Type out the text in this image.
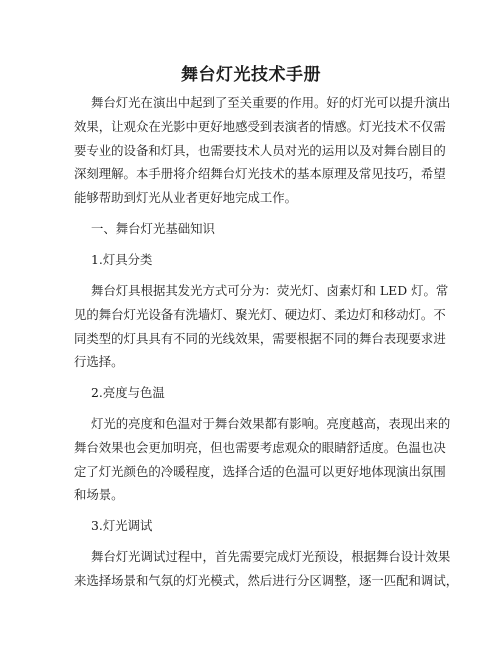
舞台灯光技术手册
舞台灯光在演出中起到了至关重要的作用。好的灯光可以提升演出
效果，让观众在光影中更好地感受到表演者的情感。灯光技术不仅需
要专业的设备和灯具，也需要技术人员对光的运用以及对舞台剧目的
深刻理解。本手册将介绍舞台灯光技术的基本原理及常见技巧，希望
能够帮助到灯光从业者更好地完成工作。
一、舞台灯光基础知识
1.灯具分类
舞台灯具根据其发光方式可分为：荧光灯、卤素灯和 LED 灯。常
见的舞台灯光设备有洗墙灯、聚光灯、硬边灯、柔边灯和移动灯。不
同类型的灯具具有不同的光线效果，需要根据不同的舞台表现要求进
行选择。
2.亮度与色温
灯光的亮度和色温对于舞台效果都有影响。亮度越高，表现出来的
舞台效果也会更加明亮，但也需要考虑观众的眼睛舒适度。色温也决
定了灯光颜色的冷暖程度，选择合适的色温可以更好地体现演出氛围
和场景。
3.灯光调试
舞台灯光调试过程中，首先需要完成灯光预设，根据舞台设计效果
来选择场景和气氛的灯光模式，然后进行分区调整，逐一匹配和调试，
